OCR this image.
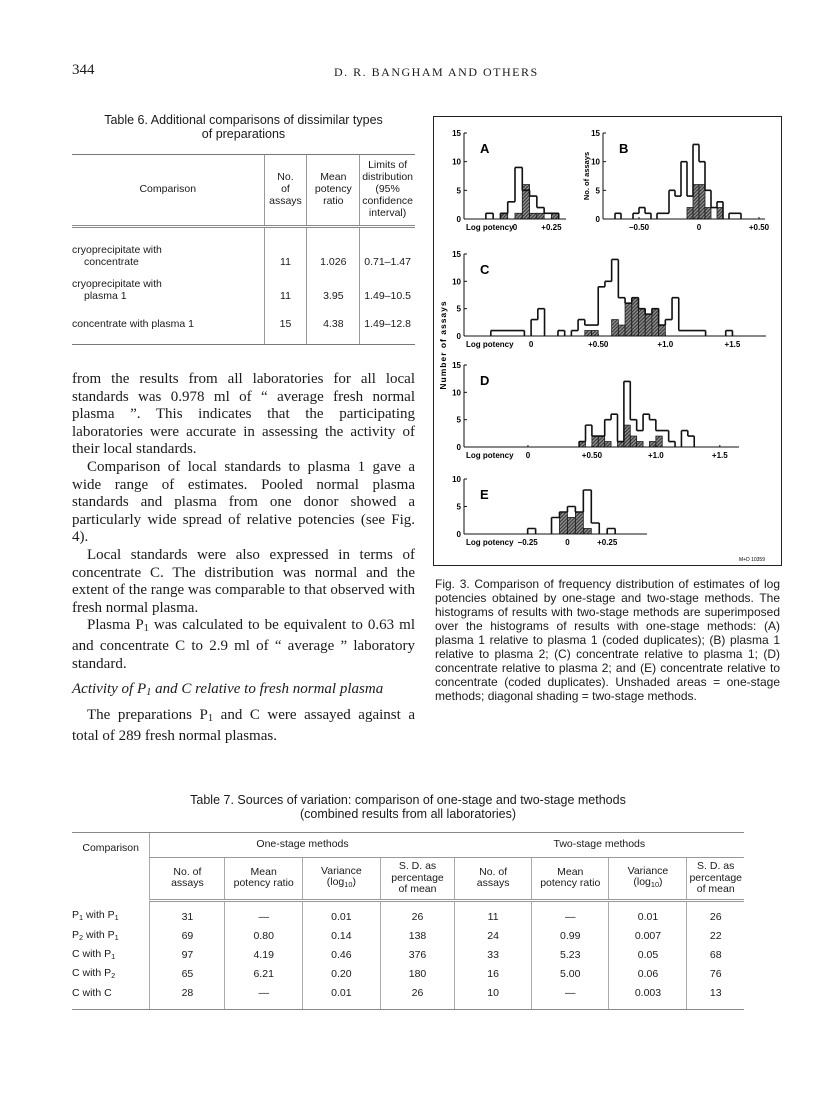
344	D. R. BANGHAM AND OTHERS
Table 6. Additional comparisons of dissimilar types
of preparations
Comparison	
No.
of
assays

Mean
potency
ratio

Limits of
distribution
(95% confidence
interval)

cryoprecipitate with
concentrate	11	1.026	0.71–1.47
cryoprecipitate with
plasma 1	11	3.95	1.49–10.5
concentrate with plasma 1	15	4.38	1.49–12.8

from the results from all laboratories for all local standards was 0.978 ml of “ average fresh normal plasma ”. This indicates that the participating laboratories were accurate in assessing the activity of their local standards.

Comparison of local standards to plasma 1 gave a wide range of estimates. Pooled normal plasma standards and plasma from one donor showed a particularly wide spread of relative potencies (see Fig. 4).

Local standards were also expressed in terms of concentrate C. The distribution was normal and the extent of the range was comparable to that observed with fresh normal plasma.

Plasma $P_1$ was calculated to be equivalent to 0.63 ml and concentrate C to 2.9 ml of “ average ” laboratory standard.

Activity of $P_1$ and C relative to fresh normal plasma

The preparations $P_1$ and C were assayed against a total of 289 fresh normal plasmas.

0
5
10
15
0	+0.25
Log potency
A
0
5
10
15
−0.50	0	+0.50
No. of assays
B
0
5
10
15
0	+0.50	+1.0	+1.5
Log potency
C
0
5
10
15
0	+0.50	+1.0	+1.5
Log potency
D
0
5
10
−0.25	0	+0.25
Log potency
E
Number of assays
M+D 10359
Fig. 3. Comparison of frequency distribution of estimates of log potencies obtained by one-stage and two-stage methods. The histograms of results with two-stage methods are superimposed over the histograms of results with one-stage methods: (A) plasma 1 relative to plasma 1 (coded duplicates); (B) plasma 1 relative to plasma 2; (C) concentrate relative to plasma 1; (D) concentrate relative to plasma 2; and (E) concentrate relative to concentrate (coded duplicates). Unshaded areas = one-stage methods; diagonal shading = two-stage methods.
Table 7. Sources of variation: comparison of one-stage and two-stage methods
(combined results from all laboratories)
Comparison	One-stage methods				Two-stage methods			

No. of
assays

Mean
potency ratio

Variance
$(\log_{10})$

S. D. as
percentage
of mean

No. of
assays

Mean
potency ratio

Variance
$(\log_{10})$

S. D. as
percentage
of mean

$P_1$ with $P_1$	31	—	0.01	26	11	—	0.01	26
$P_2$ with $P_1$	69	0.80	0.14	138	24	0.99	0.007	22
C with $P_1$	97	4.19	0.46	376	33	5.23	0.05	68
C with $P_2$	65	6.21	0.20	180	16	5.00	0.06	76
C with C	28	—	0.01	26	10	—	0.003	13
